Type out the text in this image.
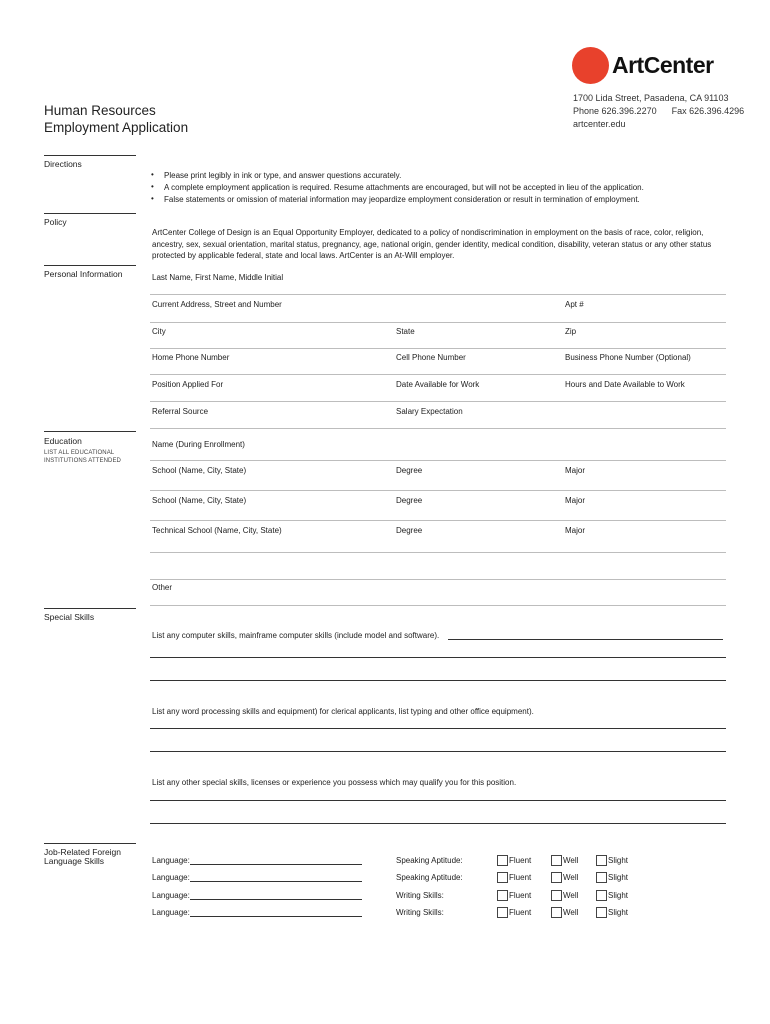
ArtCenter
1700 Lida Street, Pasadena, CA 91103
Phone 626.396.2270 Fax 626.396.4296
artcenter.edu
Human Resources
Employment Application
Directions
• Please print legibly in ink or type, and answer questions accurately.
• A complete employment application is required. Resume attachments are encouraged, but will not be accepted in lieu of the application.
• False statements or omission of material information may jeopardize employment consideration or result in termination of employment.
Policy
ArtCenter College of Design is an Equal Opportunity Employer, dedicated to a policy of nondiscrimination in employment on the basis of race, color, religion, ancestry, sex, sexual orientation, marital status, pregnancy, age, national origin, gender identity, medical condition, disability, veteran status or any other status protected by applicable federal, state and local laws. ArtCenter is an At-Will employer.
Personal Information	Last Name, First Name, Middle Initial
Current Address, Street and Number	Apt #
City	State	Zip
Home Phone Number	Cell Phone Number	Business Phone Number (Optional)
Position Applied For	Date Available for Work	Hours and Date Available to Work
Referral Source	Salary Expectation
Education
LIST ALL EDUCATIONAL
INSTITUTIONS ATTENDED
Name (During Enrollment)
School (Name, City, State)	Degree	Major
School (Name, City, State)	Degree	Major
Technical School (Name, City, State)	Degree	Major
Other
Special Skills
List any computer skills, mainframe computer skills (include model and software).
List any word processing skills and equipment) for clerical applicants, list typing and other office equipment).
List any other special skills, licenses or experience you possess which may qualify you for this position.
Job-Related Foreign
Language Skills	Language:	Speaking Aptitude:	Fluent	Well	Slight
Language:	Speaking Aptitude:	Fluent	Well	Slight
Language:	Writing Skills:	Fluent	Well	Slight
Language:	Writing Skills:	Fluent	Well	Slight
